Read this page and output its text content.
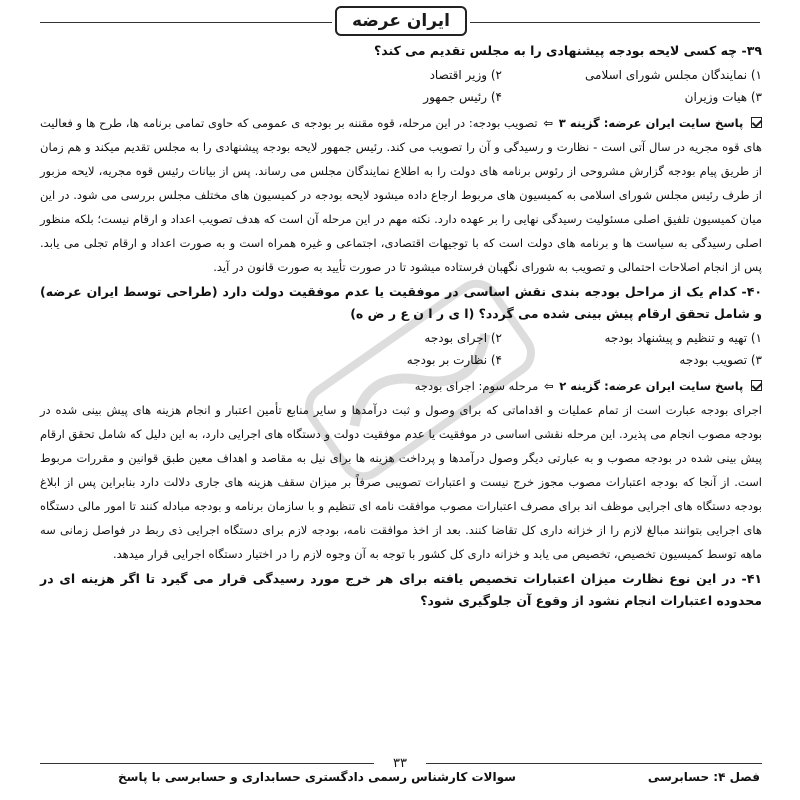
ایران عرضه
۳۹- چه کسی لایحه بودجه پیشنهادی را به مجلس تقدیم می کند؟
۱) نمایندگان مجلس شورای اسلامی
۲) وزیر اقتصاد
۳) هیات وزیران
۴) رئیس جمهور
پاسخ سایت ایران عرضه: گزینه ۳ ⇦ تصویب بودجه: در این مرحله، قوه مقننه بر بودجه ی عمومی که حاوی تمامی برنامه ها، طرح ها و فعالیت های قوه مجریه در سال آتی است - نظارت و رسیدگی و آن را تصویب می کند. رئیس جمهور لایحه بودجه پیشنهادی را به مجلس تقدیم میکند و هم زمان از طریق پیام بودجه گزارش مشروحی از رئوس برنامه های دولت را به اطلاع نمایندگان مجلس می رساند. پس از بیانات رئیس قوه مجریه، لایحه مزبور از طرف رئیس مجلس شورای اسلامی به کمیسیون های مربوط ارجاع داده میشود لایحه بودجه در کمیسیون های مختلف مجلس بررسی می شود. در این میان کمیسیون تلفیق اصلی مسئولیت رسیدگی نهایی را بر عهده دارد. نکته مهم در این مرحله آن است که هدف تصویب اعداد و ارقام نیست؛ بلکه منظور اصلی رسیدگی به سیاست ها و برنامه های دولت است که با توجیهات اقتصادی، اجتماعی و غیره همراه است و به صورت اعداد و ارقام تجلی می یابد. پس از انجام اصلاحات احتمالی و تصویب به شورای نگهبان فرستاده میشود تا در صورت تأیید به صورت قانون در آید.
۴۰- کدام یک از مراحل بودجه بندی نقش اساسی در موفقیت یا عدم موفقیت دولت دارد (طراحی توسط ایران عرضه) و شامل تحقق ارقام پیش بینی شده می گردد؟ (ا ی ر ا ن ع ر ض ه)
۱) تهیه و تنظیم و پیشنهاد بودجه
۲) اجرای بودجه
۳) تصویب بودجه
۴) نظارت بر بودجه
پاسخ سایت ایران عرضه: گزینه ۲ ⇦ مرحله سوم: اجرای بودجه
اجرای بودجه عبارت است از تمام عملیات و اقداماتی که برای وصول و ثبت درآمدها و سایر منابع تأمین اعتبار و انجام هزینه های پیش بینی شده در بودجه مصوب انجام می پذیرد. این مرحله نقشی اساسی در موفقیت یا عدم موفقیت دولت و دستگاه های اجرایی دارد، به این دلیل که شامل تحقق ارقام پیش بینی شده در بودجه مصوب و به عبارتی دیگر وصول درآمدها و پرداخت هزینه ها برای نیل به مقاصد و اهداف معین طبق قوانین و مقررات مربوط است. از آنجا که بودجه اعتبارات مصوب مجوز خرج نیست و اعتبارات تصویبی صرفاً بر میزان سقف هزینه های جاری دلالت دارد بنابراین پس از ابلاغ بودجه دستگاه های اجرایی موظف اند برای مصرف اعتبارات مصوب موافقت نامه ای تنظیم و با سازمان برنامه و بودجه مبادله کنند تا امور مالی دستگاه های اجرایی بتوانند مبالغ لازم را از خزانه داری کل تقاضا کنند. بعد از اخذ موافقت نامه، بودجه لازم برای دستگاه اجرایی ذی ربط در فواصل زمانی سه ماهه توسط کمیسیون تخصیص، تخصیص می یابد و خزانه داری کل کشور با توجه به آن وجوه لازم را در اختیار دستگاه اجرایی قرار میدهد.
۴۱- در این نوع نظارت میزان اعتبارات تخصیص یافته برای هر خرج مورد رسیدگی قرار می گیرد تا اگر هزینه ای در محدوده اعتبارات انجام نشود از وقوع آن جلوگیری شود؟
۳۳
سوالات کارشناس رسمی دادگستری حسابداری و حسابرسی با پاسخ	فصل ۴: حسابرسی
